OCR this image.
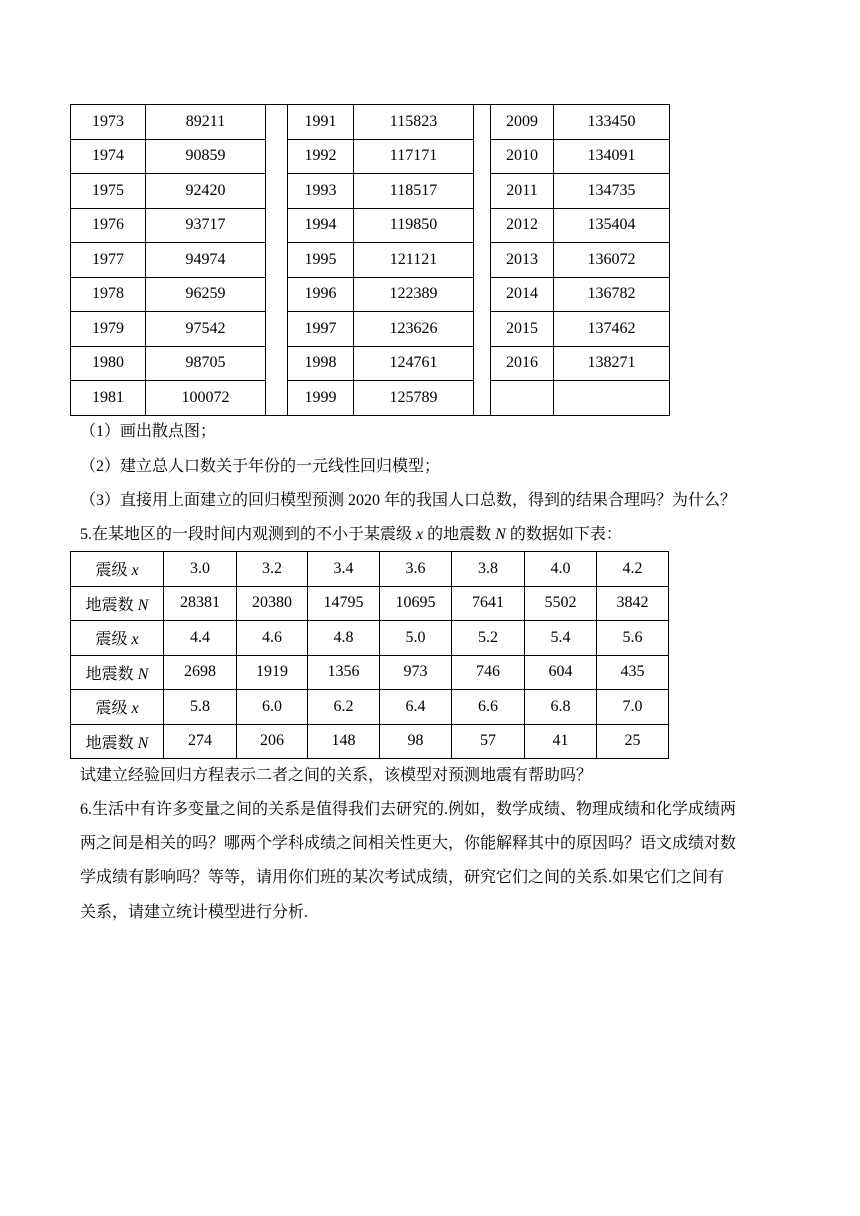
1973	89211		1991	115823		2009	133450
1974	90859		1992	117171		2010	134091
1975	92420		1993	118517		2011	134735
1976	93717		1994	119850		2012	135404
1977	94974		1995	121121		2013	136072
1978	96259		1996	122389		2014	136782
1979	97542		1997	123626		2015	137462
1980	98705		1998	124761		2016	138271
1981	100072		1999	125789			
（1）画出散点图；
（2）建立总人口数关于年份的一元线性回归模型；
（3）直接用上面建立的回归模型预测 2020 年的我国人口总数，得到的结果合理吗？为什么？
5.在某地区的一段时间内观测到的不小于某震级 x 的地震数 N 的数据如下表：
震级 x	3.0	3.2	3.4	3.6	3.8	4.0	4.2
地震数 N	28381	20380	14795	10695	7641	5502	3842
震级 x	4.4	4.6	4.8	5.0	5.2	5.4	5.6
地震数 N	2698	1919	1356	973	746	604	435
震级 x	5.8	6.0	6.2	6.4	6.6	6.8	7.0
地震数 N	274	206	148	98	57	41	25
试建立经验回归方程表示二者之间的关系，该模型对预测地震有帮助吗？
6.生活中有许多变量之间的关系是值得我们去研究的.例如，数学成绩、物理成绩和化学成绩两
两之间是相关的吗？哪两个学科成绩之间相关性更大，你能解释其中的原因吗？语文成绩对数
学成绩有影响吗？等等，请用你们班的某次考试成绩，研究它们之间的关系.如果它们之间有
关系，请建立统计模型进行分析.
